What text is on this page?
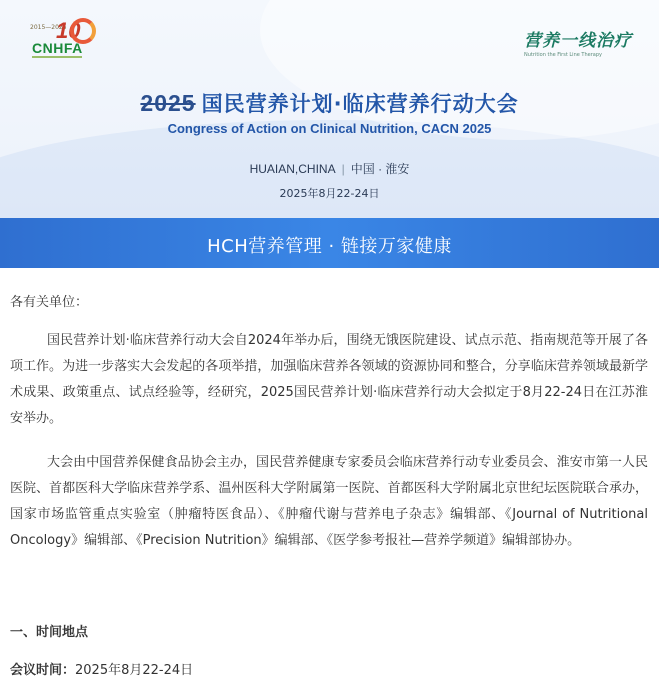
2015—2025
10
CNHFA	营养一线治疗
Nutrition the First Line Therapy
2025 国民营养计划·临床营养行动大会
Congress of Action on Clinical Nutrition, CACN 2025
HUAIAN,CHINA | 中国 · 淮安
2025年8月22-24日
HCH营养管理 · 链接万家健康

各有关单位：

国民营养计划·临床营养行动大会自2024年举办后，围绕无饿医院建设、试点示范、指南规范等开展了各项工作。为进一步落实大会发起的各项举措，加强临床营养各领域的资源协同和整合，分享临床营养领域最新学术成果、政策重点、试点经验等，经研究，2025国民营养计划·临床营养行动大会拟定于8月22-24日在江苏淮安举办。

大会由中国营养保健食品协会主办，国民营养健康专家委员会临床营养行动专业委员会、淮安市第一人民医院、首都医科大学临床营养学系、温州医科大学附属第一医院、首都医科大学附属北京世纪坛医院联合承办，国家市场监管重点实验室（肿瘤特医食品）、《肿瘤代谢与营养电子杂志》编辑部、《Journal of Nutritional Oncology》编辑部、《Precision Nutrition》编辑部、《医学参考报社—营养学频道》编辑部协办。

一、时间地点

会议时间：2025年8月22-24日
